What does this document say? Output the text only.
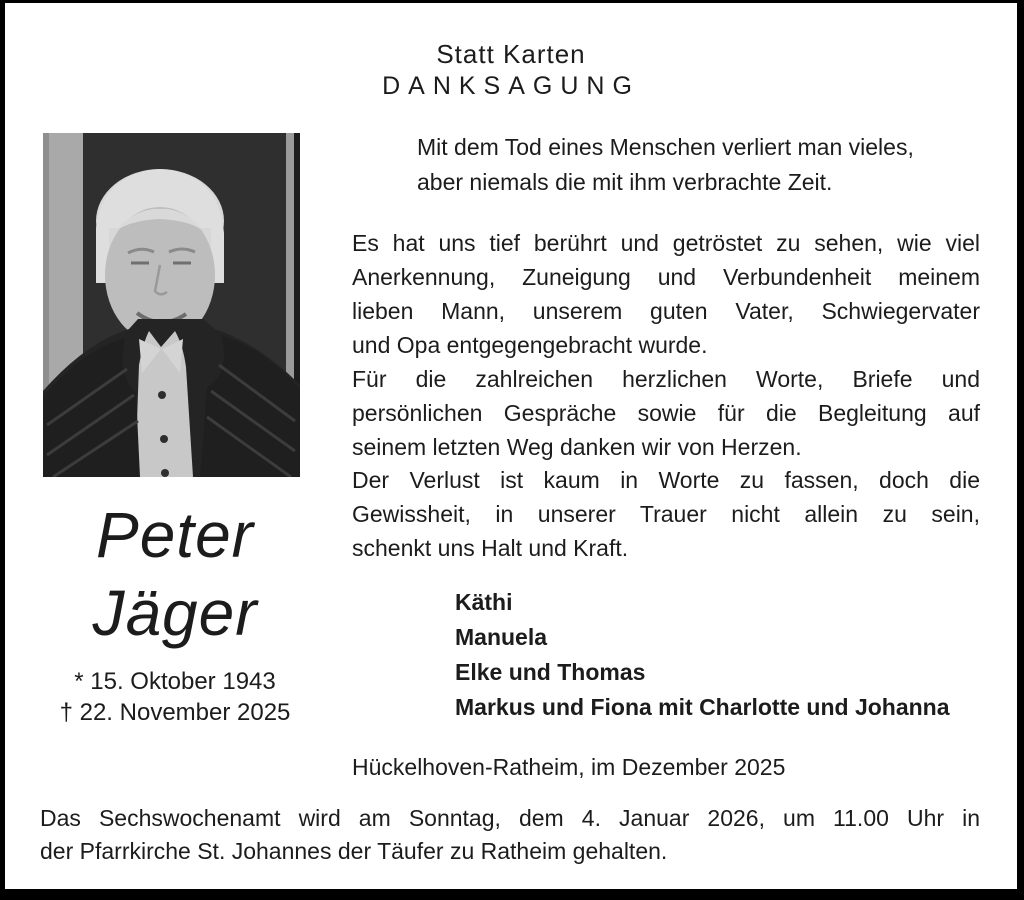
Statt Karten
DANKSAGUNG
Peter
Jäger
* 15. Oktober 1943
† 22. November 2025
Mit dem Tod eines Menschen verliert man vieles,
aber niemals die mit ihm verbrachte Zeit.
Es hat uns tief berührt und getröstet zu sehen, wie viel
Anerkennung, Zuneigung und Verbundenheit meinem
lieben Mann, unserem guten Vater, Schwiegervater
und Opa entgegengebracht wurde.
Für die zahlreichen herzlichen Worte, Briefe und
persönlichen Gespräche sowie für die Begleitung auf
seinem letzten Weg danken wir von Herzen.
Der Verlust ist kaum in Worte zu fassen, doch die
Gewissheit, in unserer Trauer nicht allein zu sein,
schenkt uns Halt und Kraft.
Käthi
Manuela
Elke und Thomas
Markus und Fiona mit Charlotte und Johanna
Hückelhoven-Ratheim, im Dezember 2025
Das Sechswochenamt wird am Sonntag, dem 4. Januar 2026, um 11.00 Uhr in
der Pfarrkirche St. Johannes der Täufer zu Ratheim gehalten.
